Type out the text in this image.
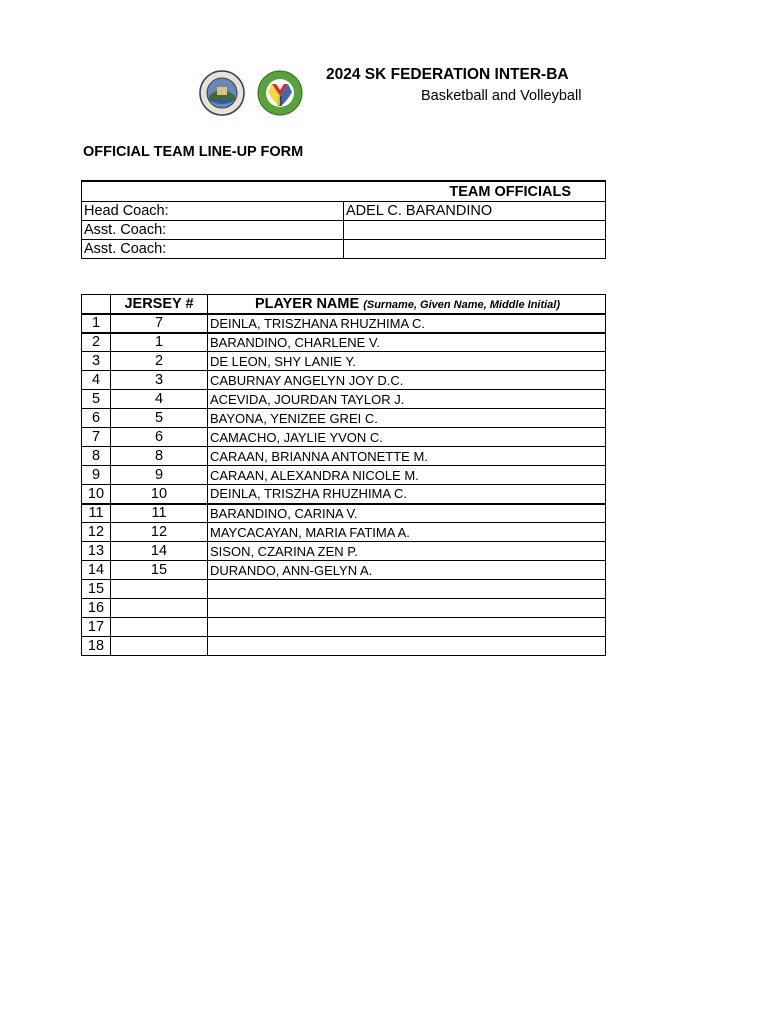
2024 SK FEDERATION INTER-BA
Basketball and Volleyball
OFFICIAL TEAM LINE-UP FORM
TEAM OFFICIALS	
Head Coach:	ADEL C. BARANDINO
Asst. Coach:	
Asst. Coach:	
	JERSEY #	PLAYER NAME (Surname, Given Name, Middle Initial)
1	7	DEINLA, TRISZHANA RHUZHIMA C.
2	1	BARANDINO, CHARLENE V.
3	2	DE LEON, SHY LANIE Y.
4	3	CABURNAY ANGELYN JOY D.C.
5	4	ACEVIDA, JOURDAN TAYLOR J.
6	5	BAYONA, YENIZEE GREI C.
7	6	CAMACHO, JAYLIE YVON C.
8	8	CARAAN, BRIANNA ANTONETTE M.
9	9	CARAAN, ALEXANDRA NICOLE M.
10	10	DEINLA, TRISZHA RHUZHIMA C.
11	11	BARANDINO, CARINA V.
12	12	MAYCACAYAN, MARIA FATIMA A.
13	14	SISON, CZARINA ZEN P.
14	15	DURANDO, ANN-GELYN A.
15		
16		
17		
18		
